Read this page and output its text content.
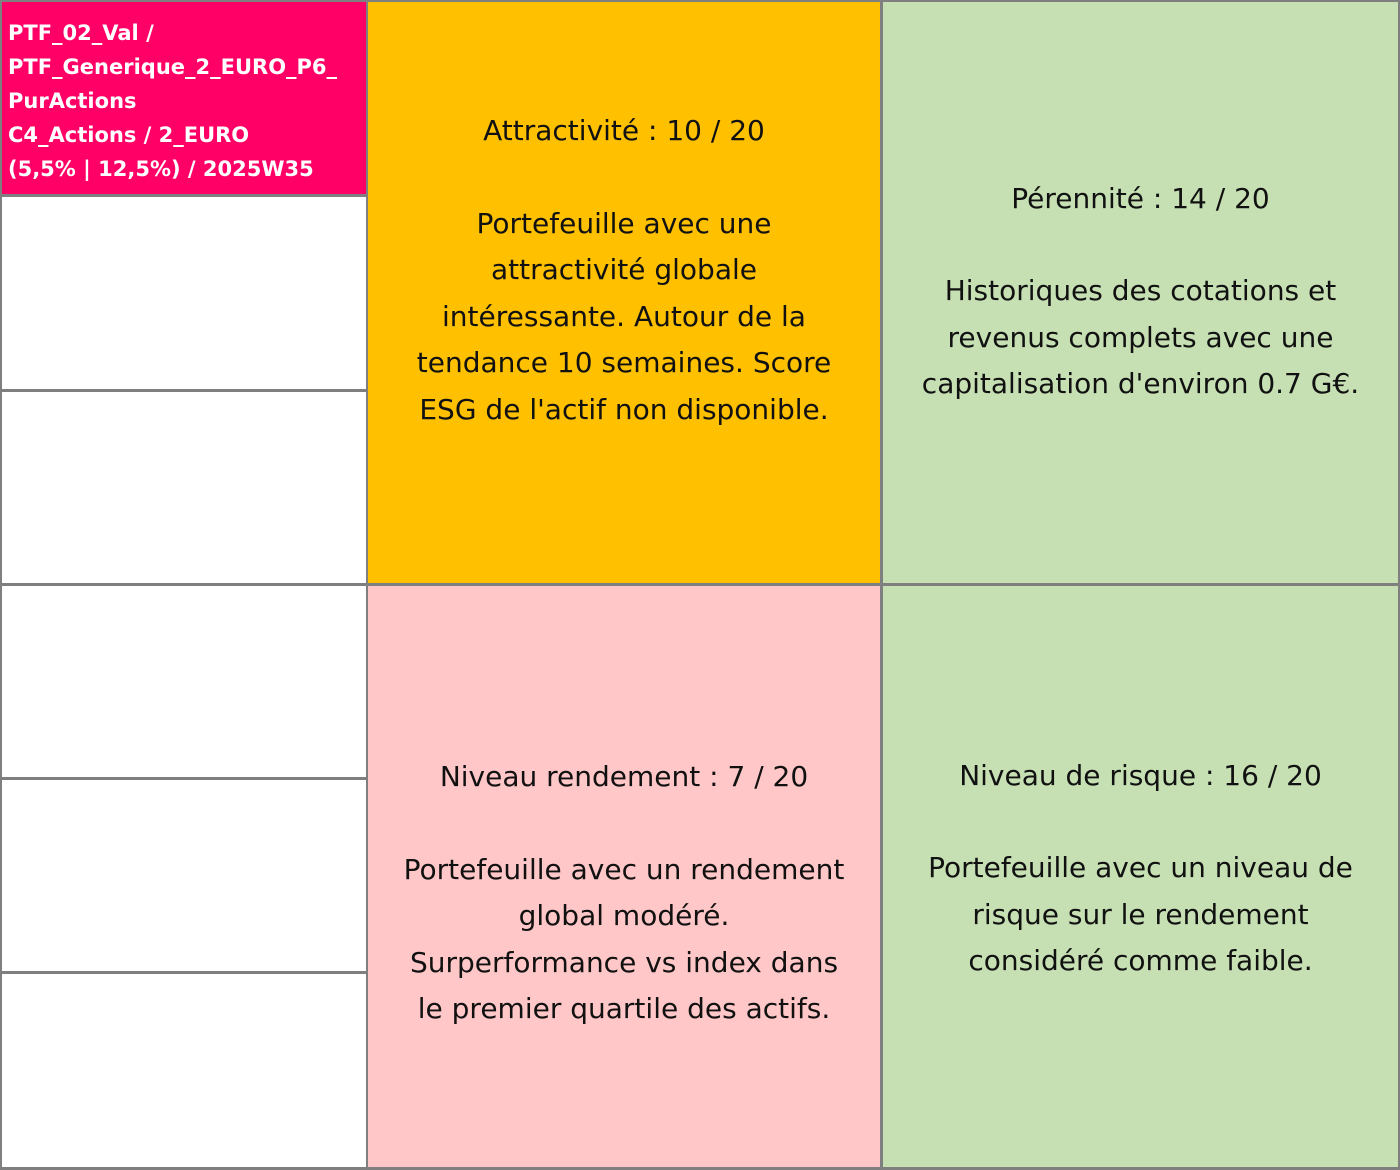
PTF_02_Val /
PTF_Generique_2_EURO_P6_
PurActions
C4_Actions / 2_EURO
(5,5% | 12,5%) / 2025W35
Attractivité : 10 / 20
Portefeuille avec une
attractivité globale
intéressante. Autour de la
tendance 10 semaines. Score
ESG de l'actif non disponible.
Pérennité : 14 / 20
Historiques des cotations et
revenus complets avec une
capitalisation d'environ 0.7 G€.
Niveau rendement : 7 / 20
Portefeuille avec un rendement
global modéré.
Surperformance vs index dans
le premier quartile des actifs.
Niveau de risque : 16 / 20
Portefeuille avec un niveau de
risque sur le rendement
considéré comme faible.
